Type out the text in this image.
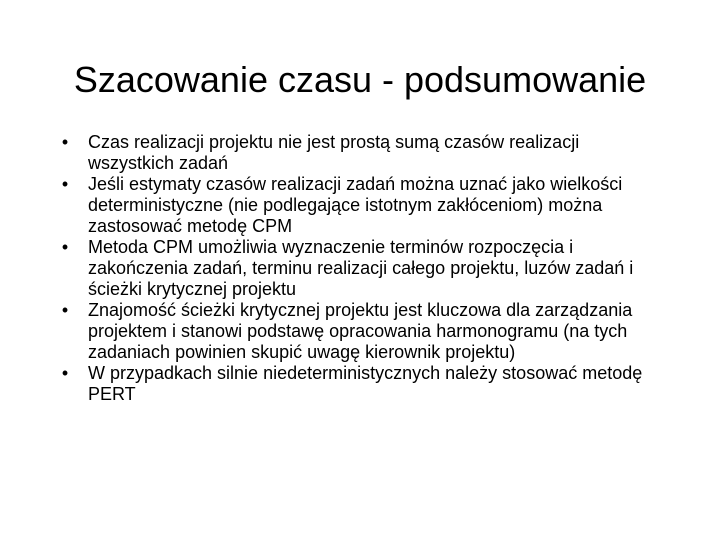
Szacowanie czasu - podsumowanie
• Czas realizacji projektu nie jest prostą sumą czasów realizacji wszystkich zadań
• Jeśli estymaty czasów realizacji zadań można uznać jako wielkości deterministyczne (nie podlegające istotnym zakłóceniom) można zastosować metodę CPM
• Metoda CPM umożliwia wyznaczenie terminów rozpoczęcia i zakończenia zadań, terminu realizacji całego projektu, luzów zadań i ścieżki krytycznej projektu
• Znajomość ścieżki krytycznej projektu jest kluczowa dla zarządzania projektem i stanowi podstawę opracowania harmonogramu (na tych zadaniach powinien skupić uwagę kierownik projektu)
• W przypadkach silnie niedeterministycznych należy stosować metodę PERT
